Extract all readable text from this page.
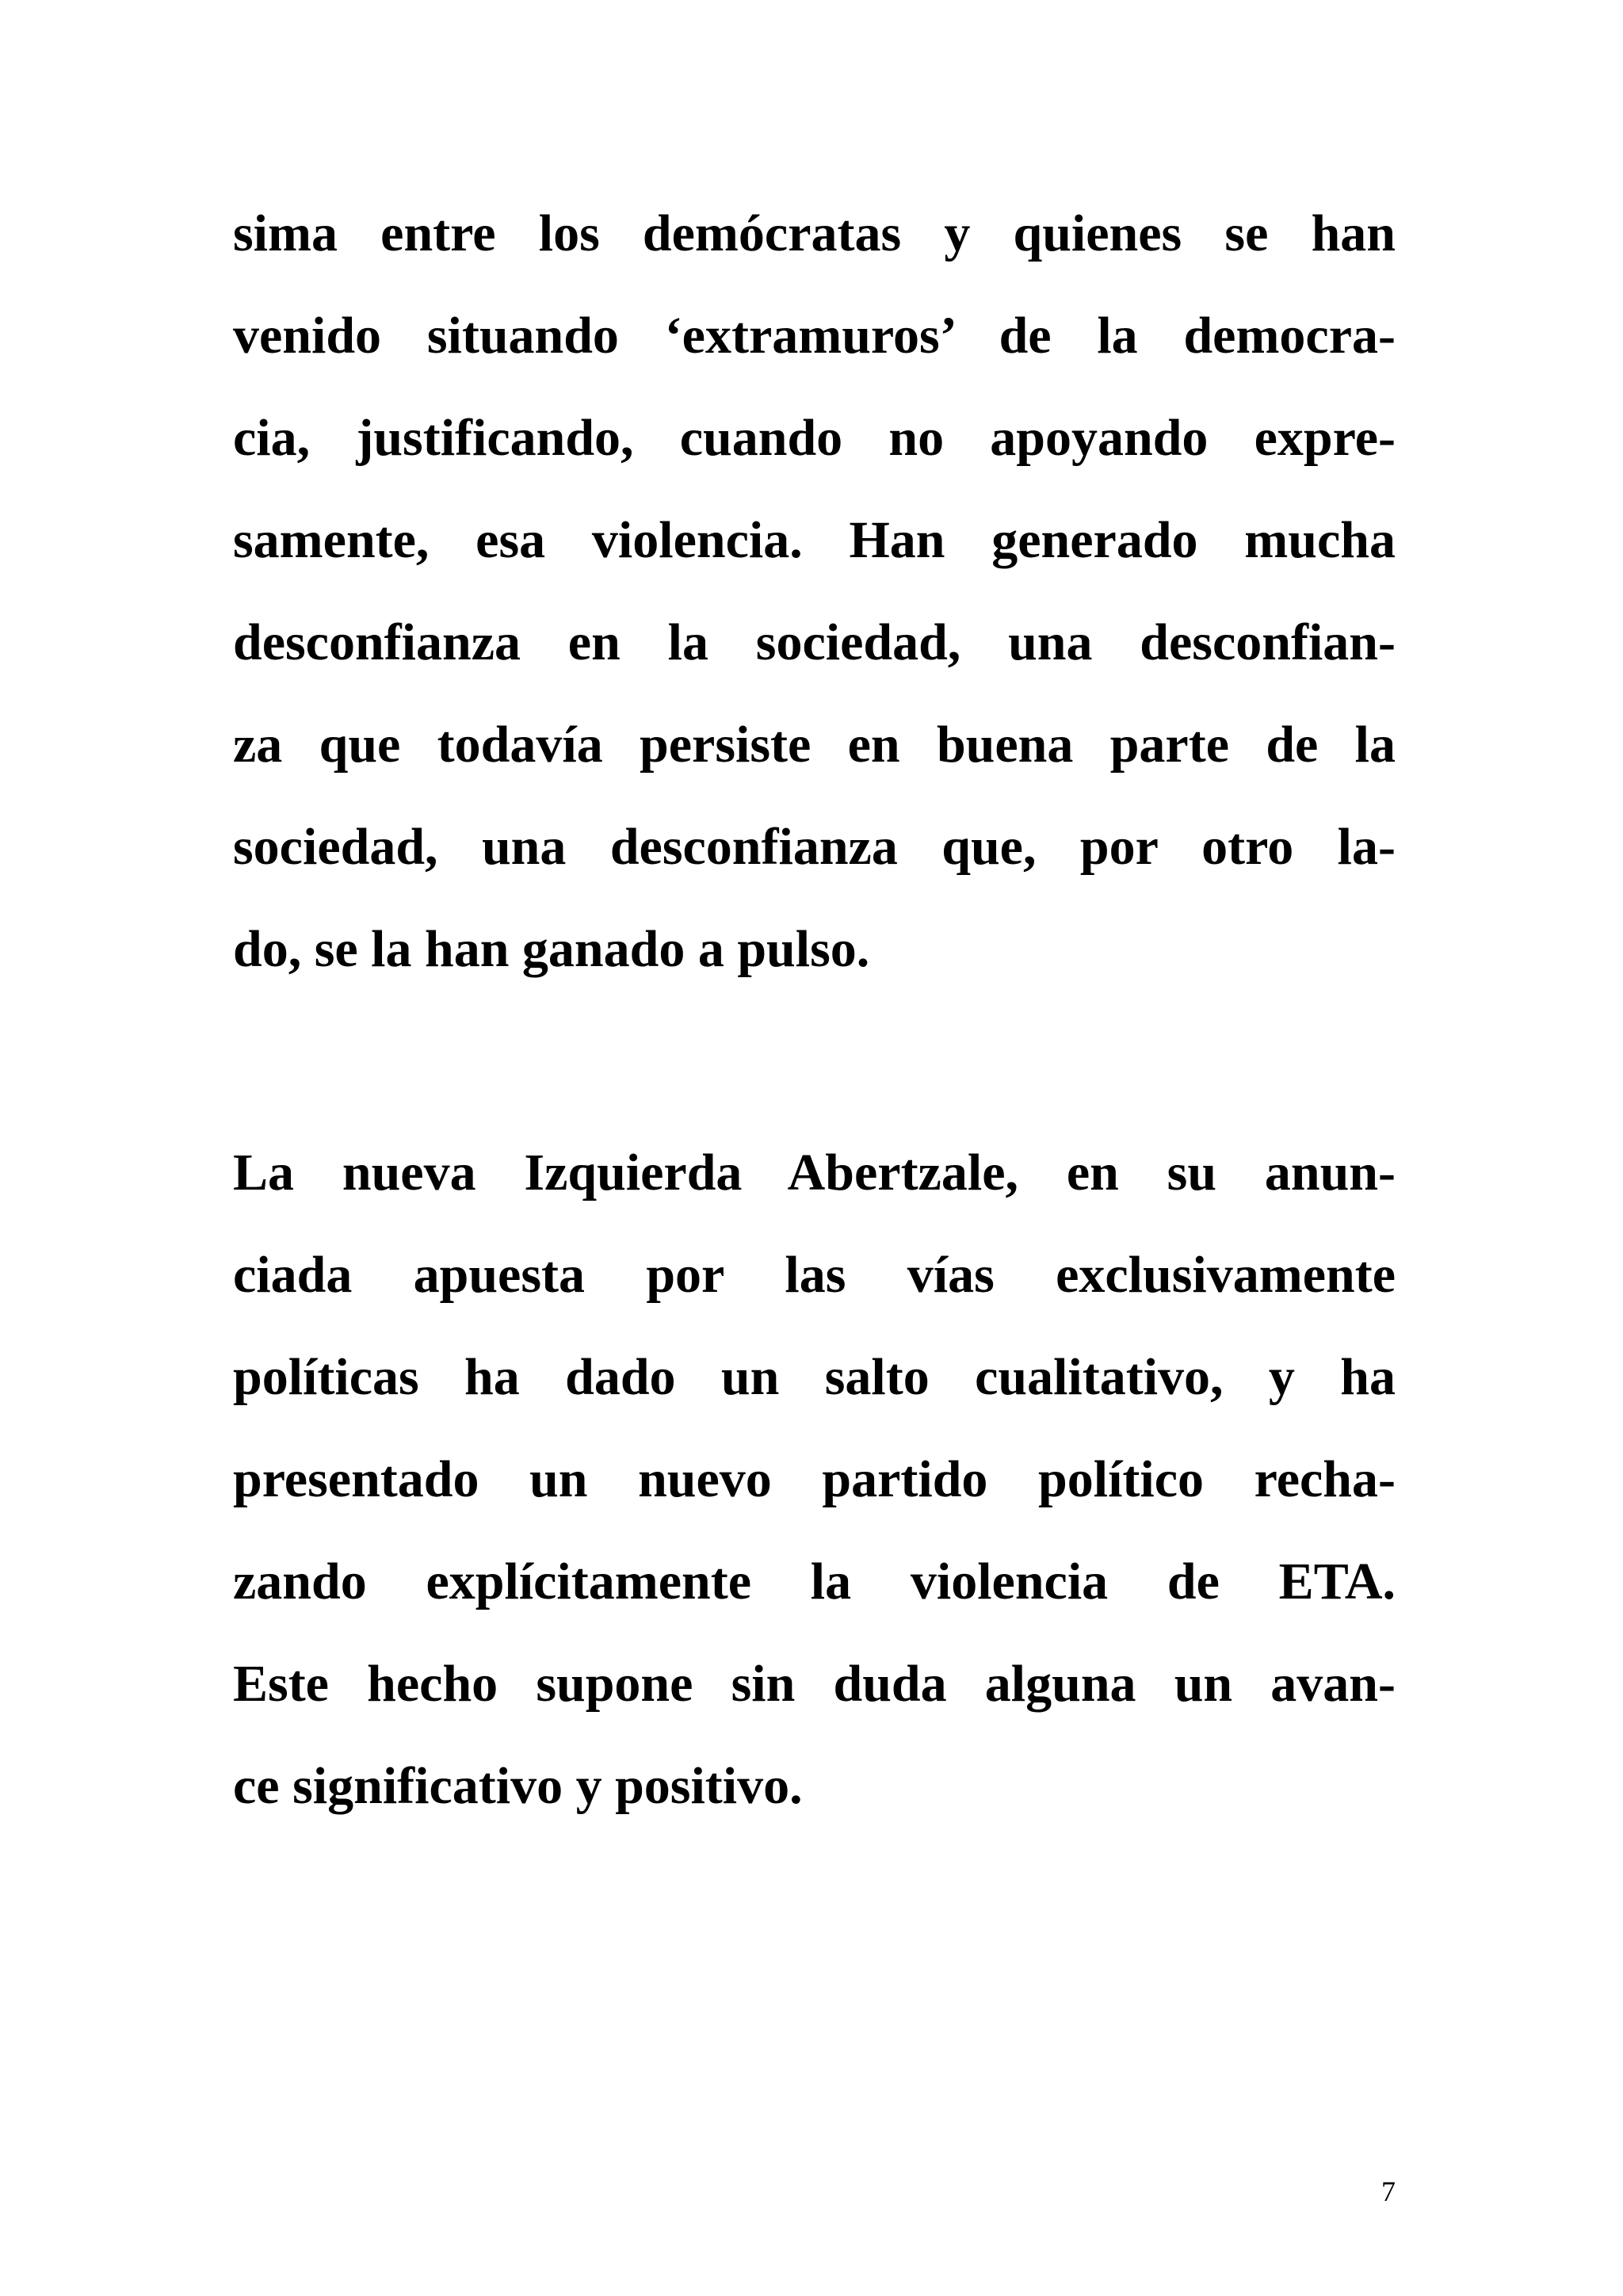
sima entre los demócratas y quienes se han
venido situando ‘extramuros’ de la democra-
cia, justificando, cuando no apoyando expre-
samente, esa violencia. Han generado mucha
desconfianza en la sociedad, una desconfian-
za que todavía persiste en buena parte de la
sociedad, una desconfianza que, por otro la-
do, se la han ganado a pulso.
La nueva Izquierda Abertzale, en su anun-
ciada apuesta por las vías exclusivamente
políticas ha dado un salto cualitativo, y ha
presentado un nuevo partido político recha-
zando explícitamente la violencia de ETA.
Este hecho supone sin duda alguna un avan-
ce significativo y positivo.
7
